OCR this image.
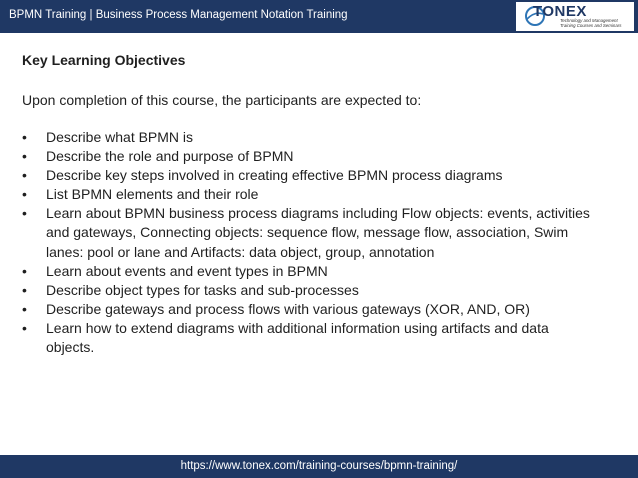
BPMN Training | Business Process Management Notation Training	TONEX
Technology and Management
Training Courses and Seminars
Key Learning Objectives
Upon completion of this course, the participants are expected to:
• Describe what BPMN is
• Describe the role and purpose of BPMN
• Describe key steps involved in creating effective BPMN process diagrams
• List BPMN elements and their role
• Learn about BPMN business process diagrams including Flow objects: events, activities and gateways, Connecting objects: sequence flow, message flow, association, Swim lanes: pool or lane and Artifacts: data object, group, annotation
• Learn about events and event types in BPMN
• Describe object types for tasks and sub-processes
• Describe gateways and process flows with various gateways (XOR, AND, OR)
• Learn how to extend diagrams with additional information using artifacts and data objects.
https://www.tonex.com/training-courses/bpmn-training/
